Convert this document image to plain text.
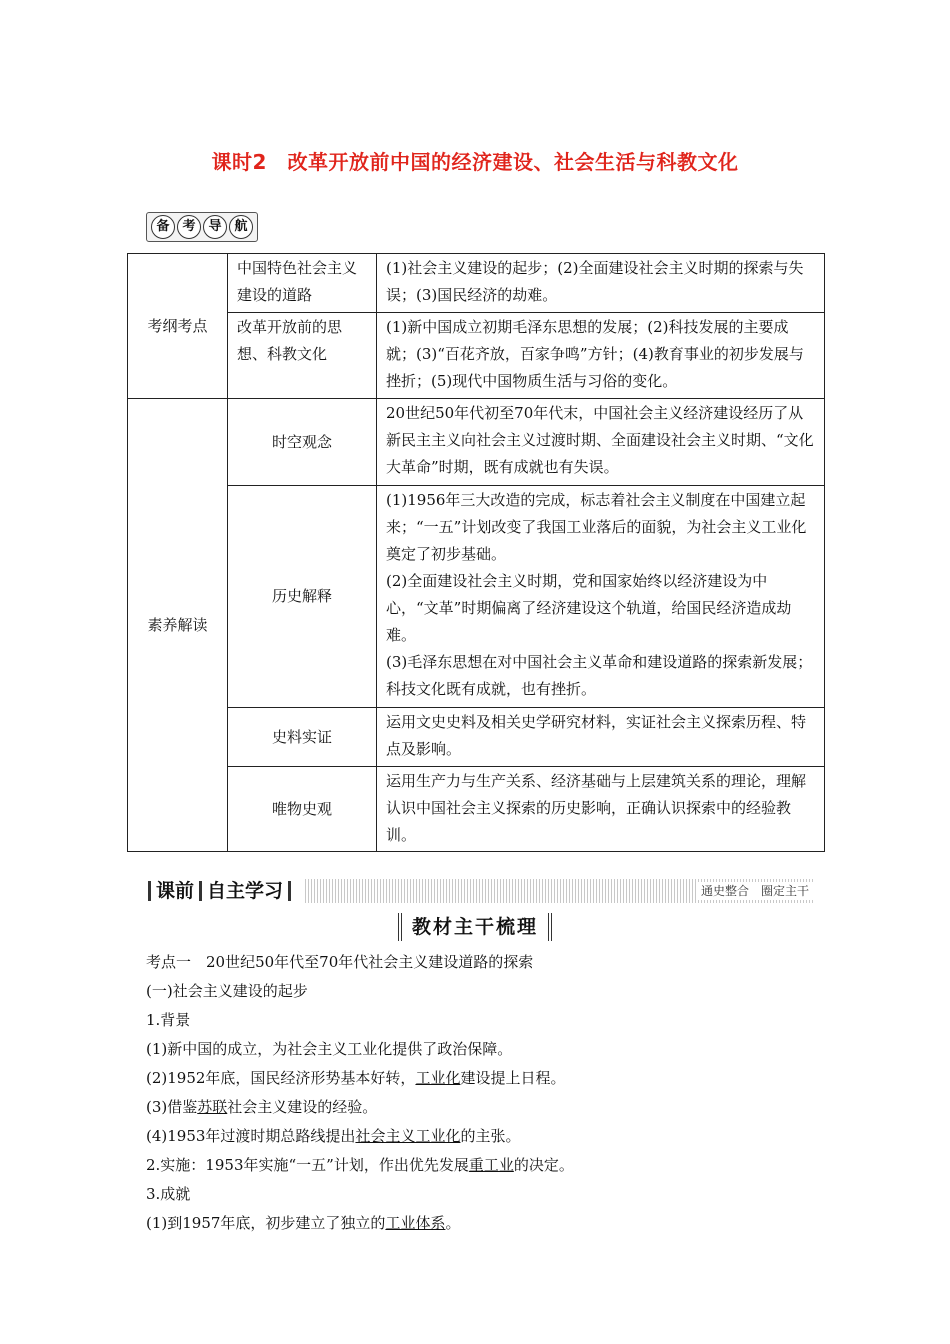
课时2　改革开放前中国的经济建设、社会生活与科教文化
备 考 导 航
考纲考点	中国特色社会主义建设的道路	(1)社会主义建设的起步；(2)全面建设社会主义时期的探索与失误；(3)国民经济的劫难。
	改革开放前的思想、科教文化	(1)新中国成立初期毛泽东思想的发展；(2)科技发展的主要成就；(3)“百花齐放，百家争鸣”方针；(4)教育事业的初步发展与挫折；(5)现代中国物质生活与习俗的变化。
素养解读	时空观念	20世纪50年代初至70年代末，中国社会主义经济建设经历了从新民主主义向社会主义过渡时期、全面建设社会主义时期、“文化大革命”时期，既有成就也有失误。
	历史解释	(1)1956年三大改造的完成，标志着社会主义制度在中国建立起来；“一五”计划改变了我国工业落后的面貌，为社会主义工业化奠定了初步基础。
(2)全面建设社会主义时期，党和国家始终以经济建设为中心，“文革”时期偏离了经济建设这个轨道，给国民经济造成劫难。
(3)毛泽东思想在对中国社会主义革命和建设道路的探索新发展；科技文化既有成就，也有挫折。

	史料实证	运用文史史料及相关史学研究材料，实证社会主义探索历程、特点及影响。
	唯物史观	运用生产力与生产关系、经济基础与上层建筑关系的理论，理解认识中国社会主义探索的历史影响，正确认识探索中的经验教训。
课前 自主学习	通史整合　圈定主干
教材主干梳理

考点一　20世纪50年代至70年代社会主义建设道路的探索

(一)社会主义建设的起步

1.背景

(1)新中国的成立，为社会主义工业化提供了政治保障。

(2)1952年底，国民经济形势基本好转，工业化建设提上日程。

(3)借鉴苏联社会主义建设的经验。

(4)1953年过渡时期总路线提出社会主义工业化的主张。

2.实施：1953年实施“一五”计划，作出优先发展重工业的决定。

3.成就

(1)到1957年底，初步建立了独立的工业体系。
